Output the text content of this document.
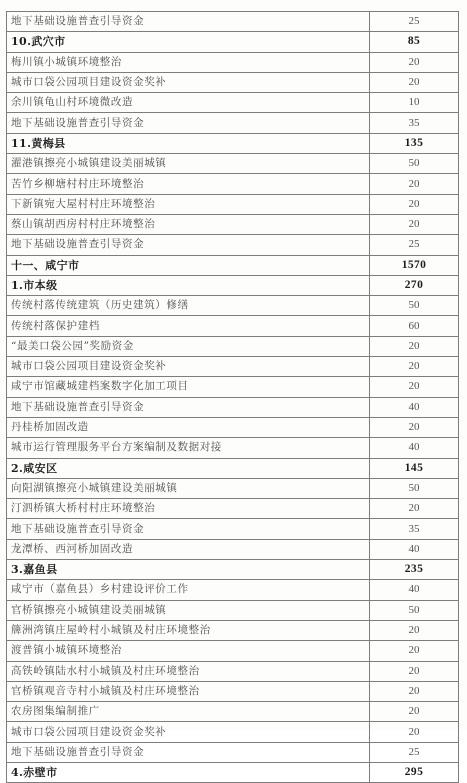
地下基础设施普查引导资金	25
10.武穴市	85
梅川镇小城镇环境整治	20
城市口袋公园项目建设资金奖补	20
余川镇龟山村环境微改造	10
地下基础设施普查引导资金	35
11.黄梅县	135
濯港镇擦亮小城镇建设美丽城镇	50
苦竹乡柳塘村村庄环境整治	20
下新镇宛大屋村村庄环境整治	20
蔡山镇胡西房村村庄环境整治	20
地下基础设施普查引导资金	25
十一、咸宁市	1570
1.市本级	270
传统村落传统建筑（历史建筑）修缮	50
传统村落保护建档	60
“最美口袋公园”奖励资金	20
城市口袋公园项目建设资金奖补	20
咸宁市馆藏城建档案数字化加工项目	20
地下基础设施普查引导资金	40
丹桂桥加固改造	20
城市运行管理服务平台方案编制及数据对接	40
2.咸安区	145
向阳湖镇擦亮小城镇建设美丽城镇	50
汀泗桥镇大桥村村庄环境整治	20
地下基础设施普查引导资金	35
龙潭桥、西河桥加固改造	40
3.嘉鱼县	235
咸宁市（嘉鱼县）乡村建设评价工作	40
官桥镇擦亮小城镇建设美丽城镇	50
簰洲湾镇庄屋岭村小城镇及村庄环境整治	20
渡普镇小城镇环境整治	20
高铁岭镇陆水村小城镇及村庄环境整治	20
官桥镇观音寺村小城镇及村庄环境整治	20
农房图集编制推广	20
城市口袋公园项目建设资金奖补	20
地下基础设施普查引导资金	25
4.赤壁市	295
